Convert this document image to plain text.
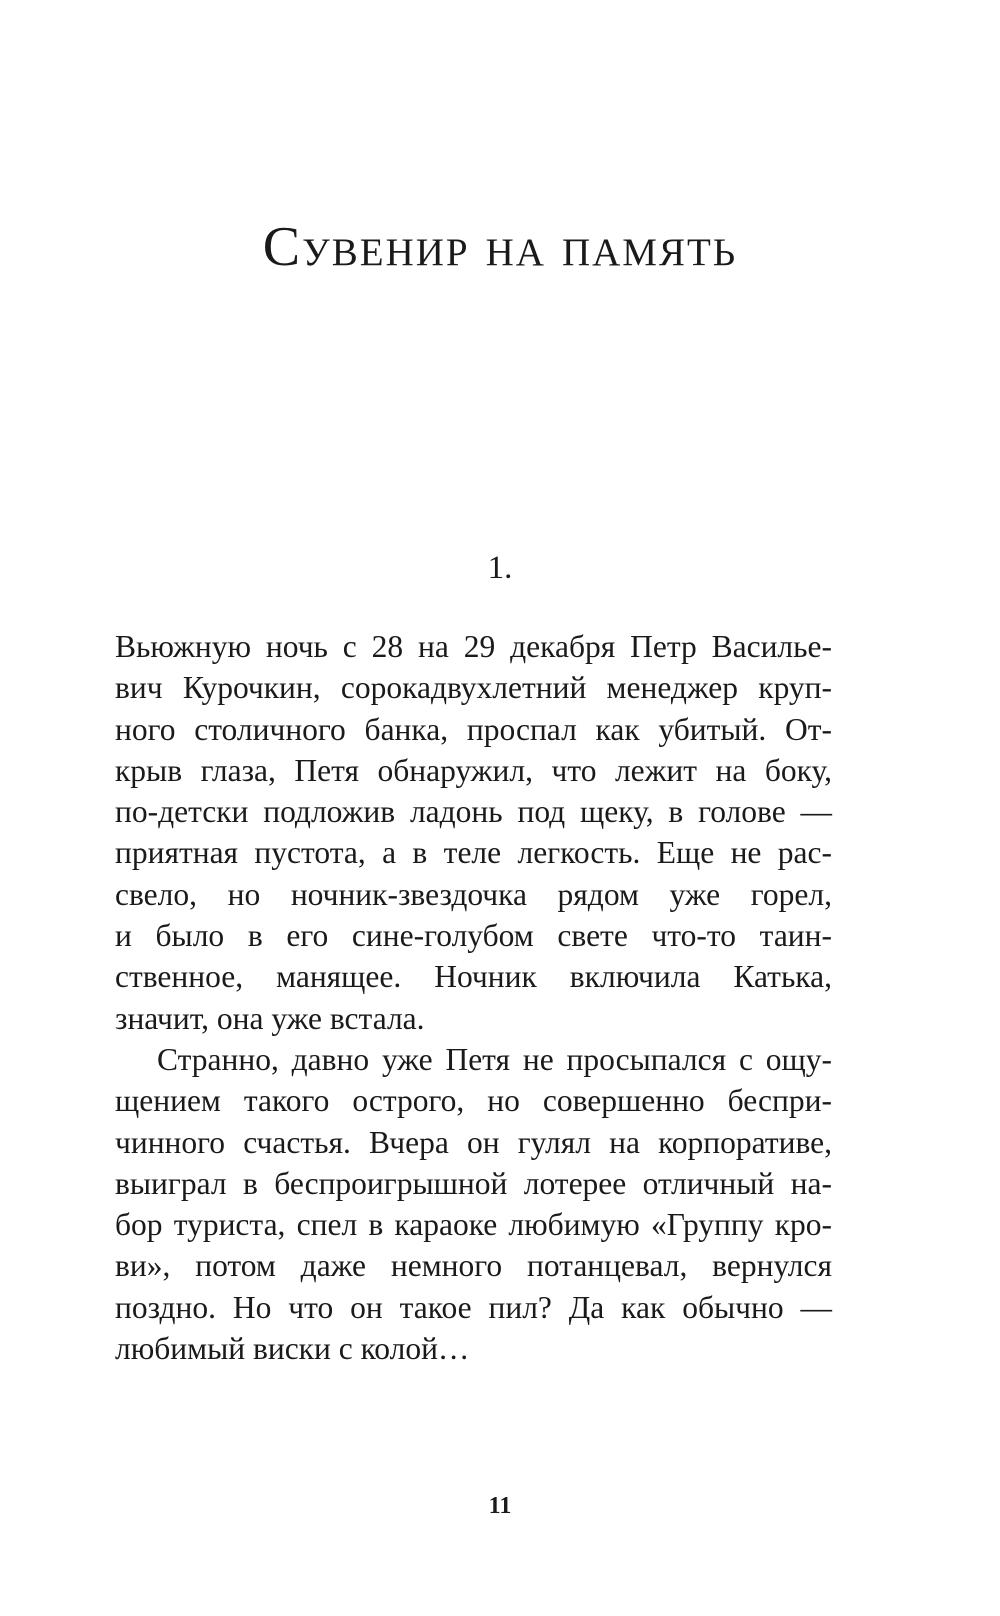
Сувенир на память
1.
Вьюжную ночь с 28 на 29 декабря Петр Василье-
вич Курочкин, сорокадвухлетний менеджер круп-
ного столичного банка, проспал как убитый. От-
крыв глаза, Петя обнаружил, что лежит на боку,
по-детски подложив ладонь под щеку, в голове —
приятная пустота, а в теле легкость. Еще не рас-
свело, но ночник-звездочка рядом уже горел,
и было в его сине-голубом свете что-то таин-
ственное, манящее. Ночник включила Катька,
значит, она уже встала.
Странно, давно уже Петя не просыпался с ощу-
щением такого острого, но совершенно беспри-
чинного счастья. Вчера он гулял на корпоративе,
выиграл в беспроигрышной лотерее отличный на-
бор туриста, спел в караоке любимую «Группу кро-
ви», потом даже немного потанцевал, вернулся
поздно. Но что он такое пил? Да как обычно —
любимый виски с колой…
11
